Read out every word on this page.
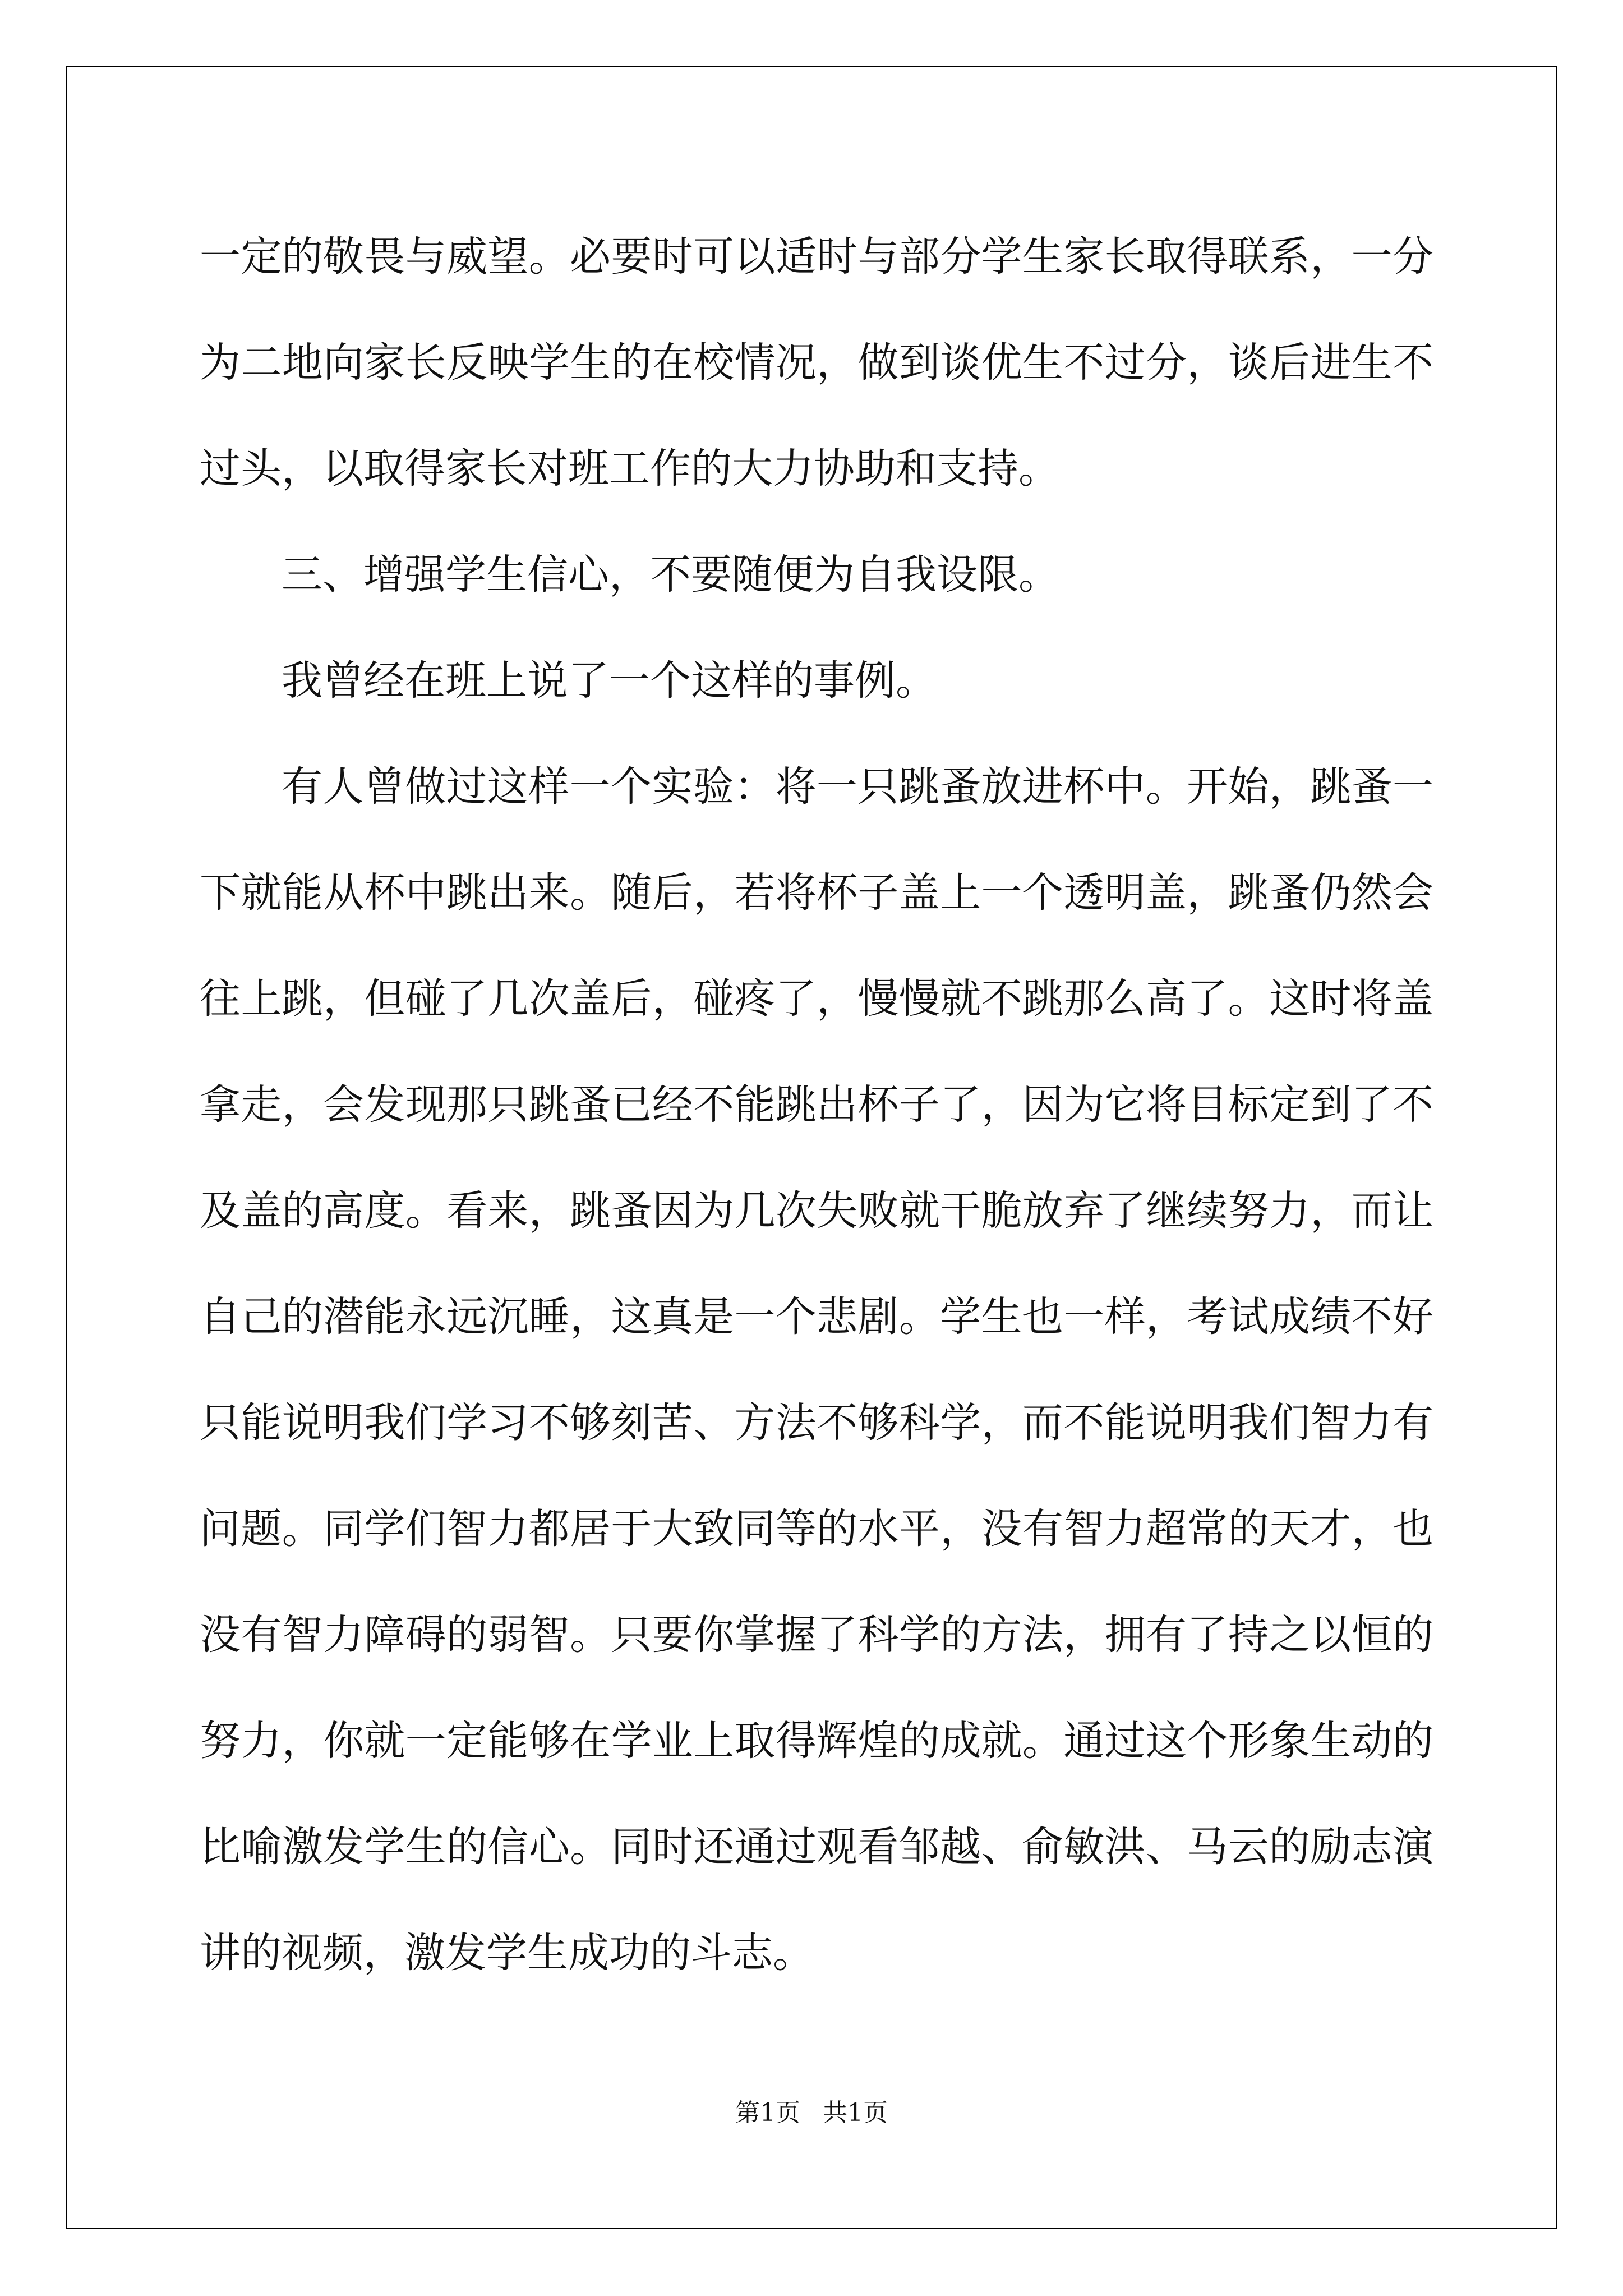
一定的敬畏与威望。必要时可以适时与部分学生家长取得联系，一分为二地向家长反映学生的在校情况，做到谈优生不过分，谈后进生不过头，以取得家长对班工作的大力协助和支持。

三、增强学生信心，不要随便为自我设限。

我曾经在班上说了一个这样的事例。

有人曾做过这样一个实验：将一只跳蚤放进杯中。开始，跳蚤一下就能从杯中跳出来。随后，若将杯子盖上一个透明盖，跳蚤仍然会往上跳，但碰了几次盖后，碰疼了，慢慢就不跳那么高了。这时将盖拿走，会发现那只跳蚤已经不能跳出杯子了，因为它将目标定到了不及盖的高度。看来，跳蚤因为几次失败就干脆放弃了继续努力，而让自己的潜能永远沉睡，这真是一个悲剧。学生也一样，考试成绩不好只能说明我们学习不够刻苦、方法不够科学，而不能说明我们智力有问题。同学们智力都居于大致同等的水平，没有智力超常的天才，也没有智力障碍的弱智。只要你掌握了科学的方法，拥有了持之以恒的努力，你就一定能够在学业上取得辉煌的成就。通过这个形象生动的比喻激发学生的信心。同时还通过观看邹越、俞敏洪、马云的励志演讲的视频，激发学生成功的斗志。

第1页 共1页
